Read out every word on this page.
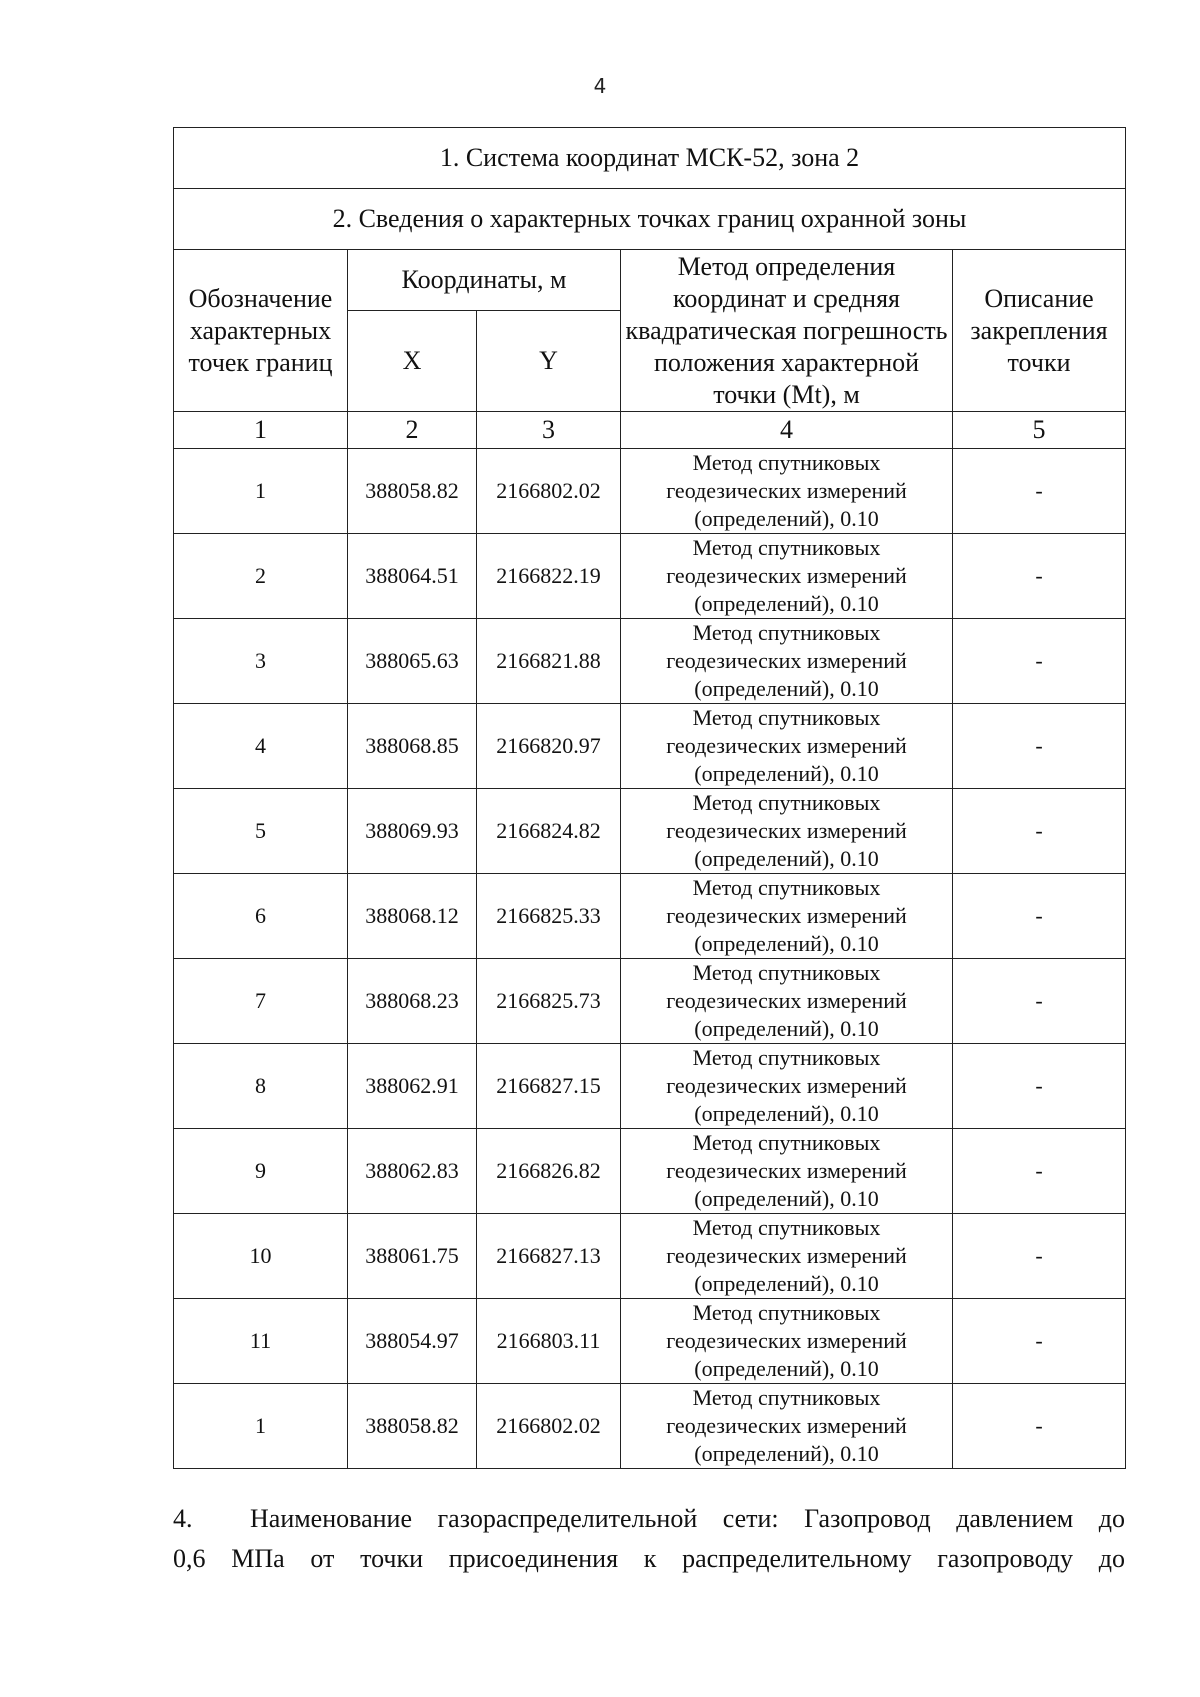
4
1. Система координат МСК-52, зона 2				
2. Сведения о характерных точках границ охранной зоны				
Обозначение характерных точек границ	Координаты, м		Метод определения координат и средняя квадратическая погрешность положения характерной точки (Mt), м	Описание закрепления точки
	X	Y		
1	2	3	4	5
1	388058.82	2166802.02	Метод спутниковых геодезических измерений (определений), 0.10	-
2	388064.51	2166822.19	Метод спутниковых геодезических измерений (определений), 0.10	-
3	388065.63	2166821.88	Метод спутниковых геодезических измерений (определений), 0.10	-
4	388068.85	2166820.97	Метод спутниковых геодезических измерений (определений), 0.10	-
5	388069.93	2166824.82	Метод спутниковых геодезических измерений (определений), 0.10	-
6	388068.12	2166825.33	Метод спутниковых геодезических измерений (определений), 0.10	-
7	388068.23	2166825.73	Метод спутниковых геодезических измерений (определений), 0.10	-
8	388062.91	2166827.15	Метод спутниковых геодезических измерений (определений), 0.10	-
9	388062.83	2166826.82	Метод спутниковых геодезических измерений (определений), 0.10	-
10	388061.75	2166827.13	Метод спутниковых геодезических измерений (определений), 0.10	-
11	388054.97	2166803.11	Метод спутниковых геодезических измерений (определений), 0.10	-
1	388058.82	2166802.02	Метод спутниковых геодезических измерений (определений), 0.10	-
4.	Наименование газораспределительной сети: Газопровод давлением до
0,6 МПа от точки присоединения к распределительному газопроводу до
